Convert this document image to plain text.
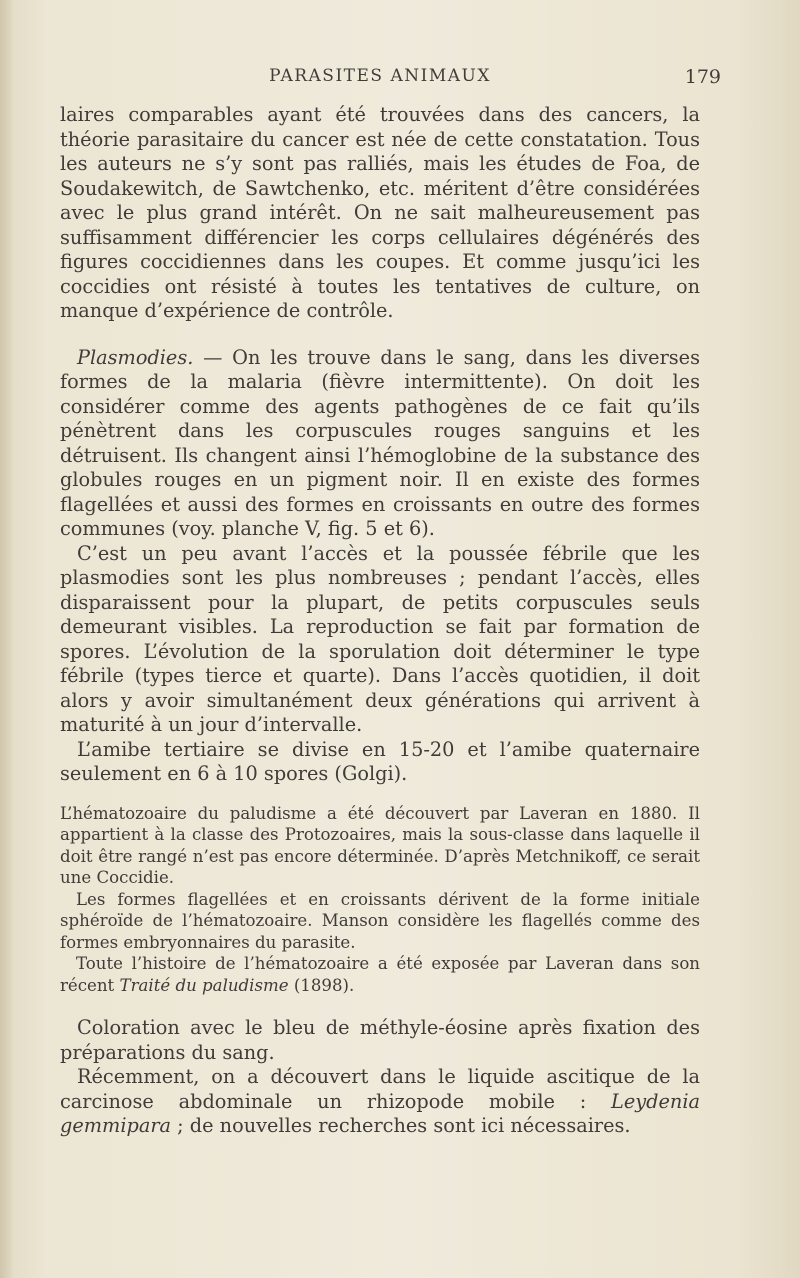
PARASITES ANIMAUX	179

laires comparables ayant été trouvées dans des cancers, la théorie parasitaire du cancer est née de cette constatation. Tous les auteurs ne s’y sont pas ralliés, mais les études de Foa, de Soudakewitch, de Sawtchenko, etc. méritent d’être considérées avec le plus grand intérêt. On ne sait malheureusement pas suffisamment différencier les corps cellulaires dégénérés des figures coccidiennes dans les coupes. Et comme jusqu’ici les coccidies ont résisté à toutes les tentatives de culture, on manque d’expérience de contrôle.

Plasmodies. — On les trouve dans le sang, dans les diverses formes de la malaria (fièvre intermittente). On doit les considérer comme des agents pathogènes de ce fait qu’ils pénètrent dans les corpuscules rouges sanguins et les détruisent. Ils changent ainsi l’hémoglobine de la substance des globules rouges en un pigment noir. Il en existe des formes flagellées et aussi des formes en croissants en outre des formes communes (voy. planche V, fig. 5 et 6).

C’est un peu avant l’accès et la poussée fébrile que les plasmodies sont les plus nombreuses ; pendant l’accès, elles disparaissent pour la plupart, de petits corpuscules seuls demeurant visibles. La reproduction se fait par formation de spores. L’évolution de la sporulation doit déterminer le type fébrile (types tierce et quarte). Dans l’accès quotidien, il doit alors y avoir simultanément deux générations qui arrivent à maturité à un jour d’intervalle.

L’amibe tertiaire se divise en 15-20 et l’amibe quaternaire seulement en 6 à 10 spores (Golgi).

L’hématozoaire du paludisme a été découvert par Laveran en 1880. Il appartient à la classe des Protozoaires, mais la sous-classe dans laquelle il doit être rangé n’est pas encore déterminée. D’après Metchnikoff, ce serait une Coccidie.

Les formes flagellées et en croissants dérivent de la forme initiale sphéroïde de l’hématozoaire. Manson considère les flagellés comme des formes embryonnaires du parasite.

Toute l’histoire de l’hématozoaire a été exposée par Laveran dans son récent Traité du paludisme (1898).

Coloration avec le bleu de méthyle-éosine après fixation des préparations du sang.

Récemment, on a découvert dans le liquide ascitique de la carcinose abdominale un rhizopode mobile : Leydenia gemmipara ; de nouvelles recherches sont ici nécessaires.
